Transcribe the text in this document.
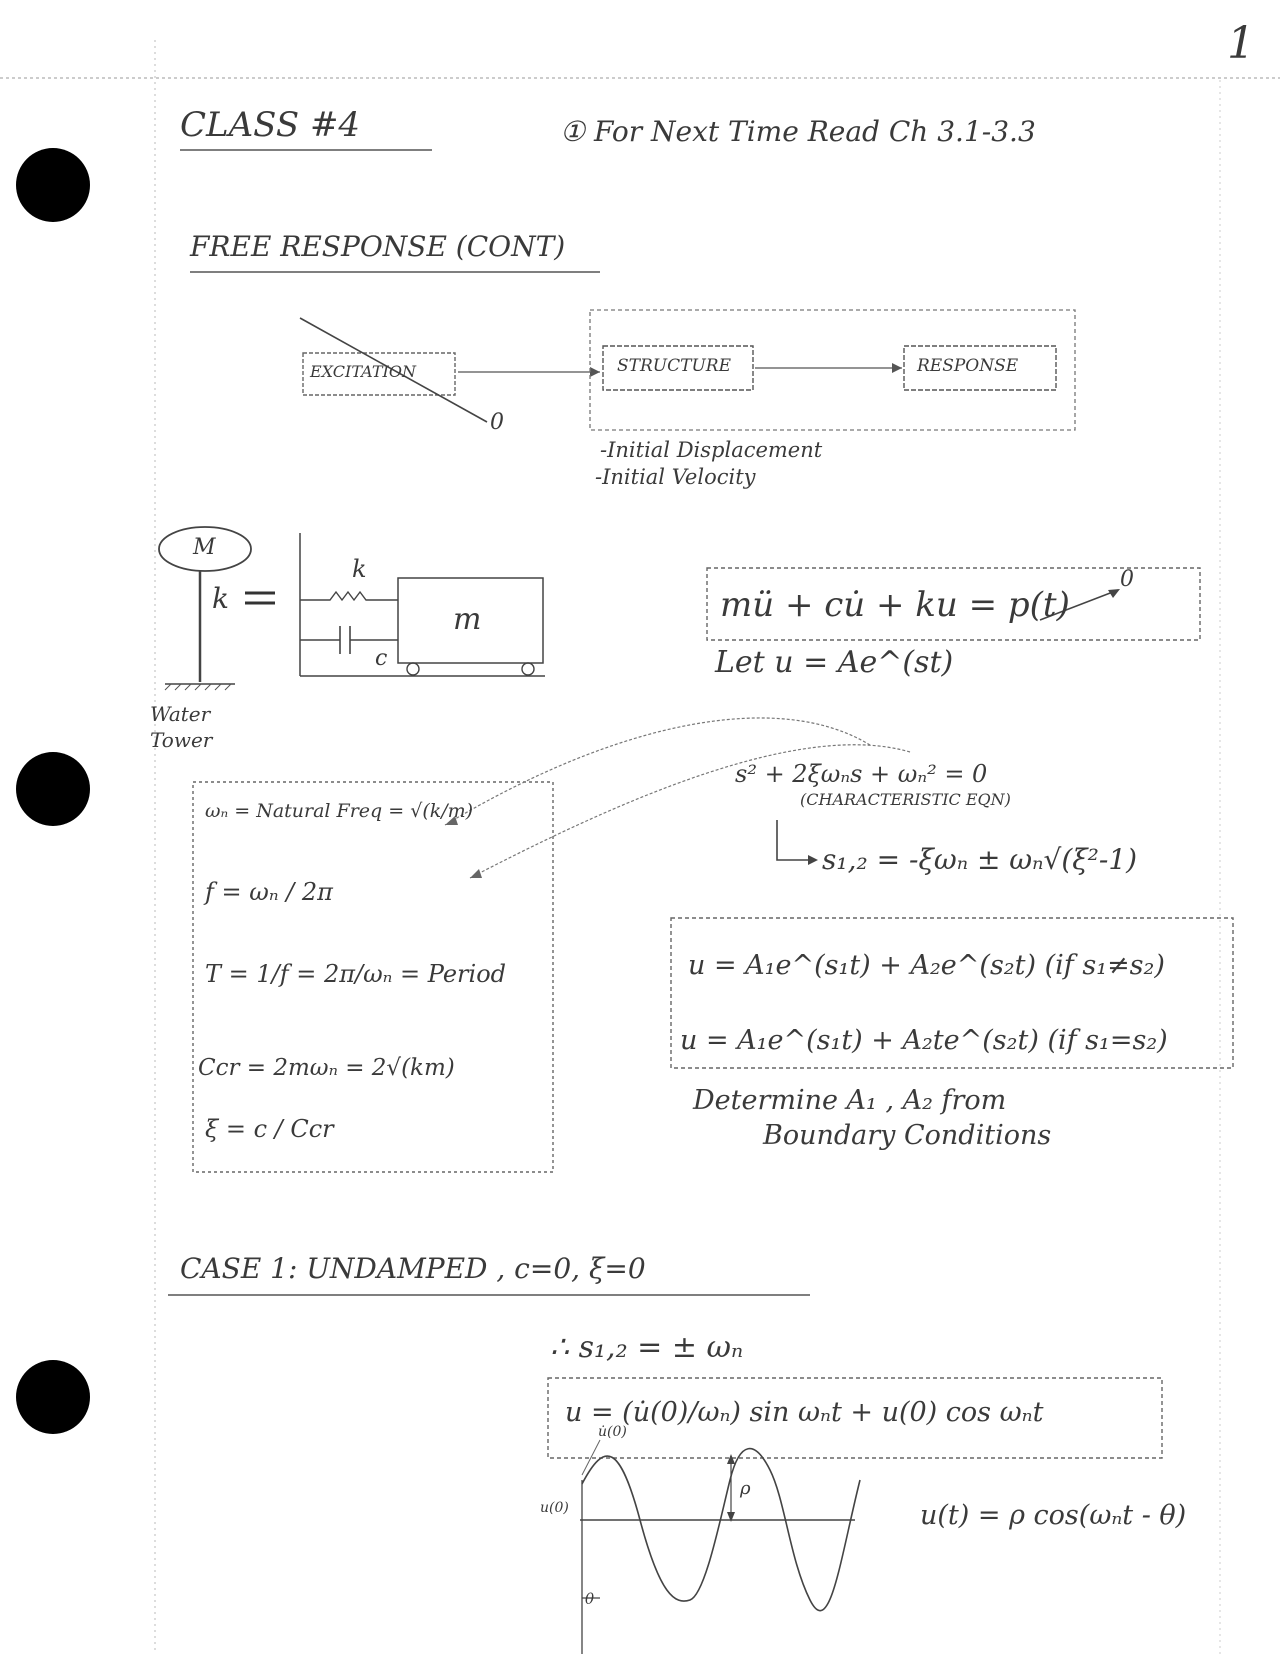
1
CLASS #4	① For Next Time Read Ch 3.1-3.3
FREE RESPONSE (CONT)
EXCITATION
0
STRUCTURE	RESPONSE
-Initial Displacement
-Initial Velocity
M
k
k
m
c
Water
Tower
mü + cu̇ + ku = p(t)
0
Let u = Ae^(st)
s² + 2ξωₙs + ωₙ² = 0
(CHARACTERISTIC EQN)
s₁,₂ = -ξωₙ ± ωₙ√(ξ²-1)
ωₙ = Natural Freq = √(k/m)
f = ωₙ / 2π
T = 1/f = 2π/ωₙ = Period
Ccr = 2mωₙ = 2√(km)
ξ = c / Ccr
u = A₁e^(s₁t) + A₂e^(s₂t) (if s₁≠s₂)
u = A₁e^(s₁t) + A₂te^(s₂t) (if s₁=s₂)
Determine A₁ , A₂ from
Boundary Conditions
CASE 1: UNDAMPED , c=0, ξ=0
∴ s₁,₂ = ± ωₙ
u = (u̇(0)/ωₙ) sin ωₙt + u(0) cos ωₙt
u(t) = ρ cos(ωₙt - θ)
u(0)
u̇(0)
ρ
θ
